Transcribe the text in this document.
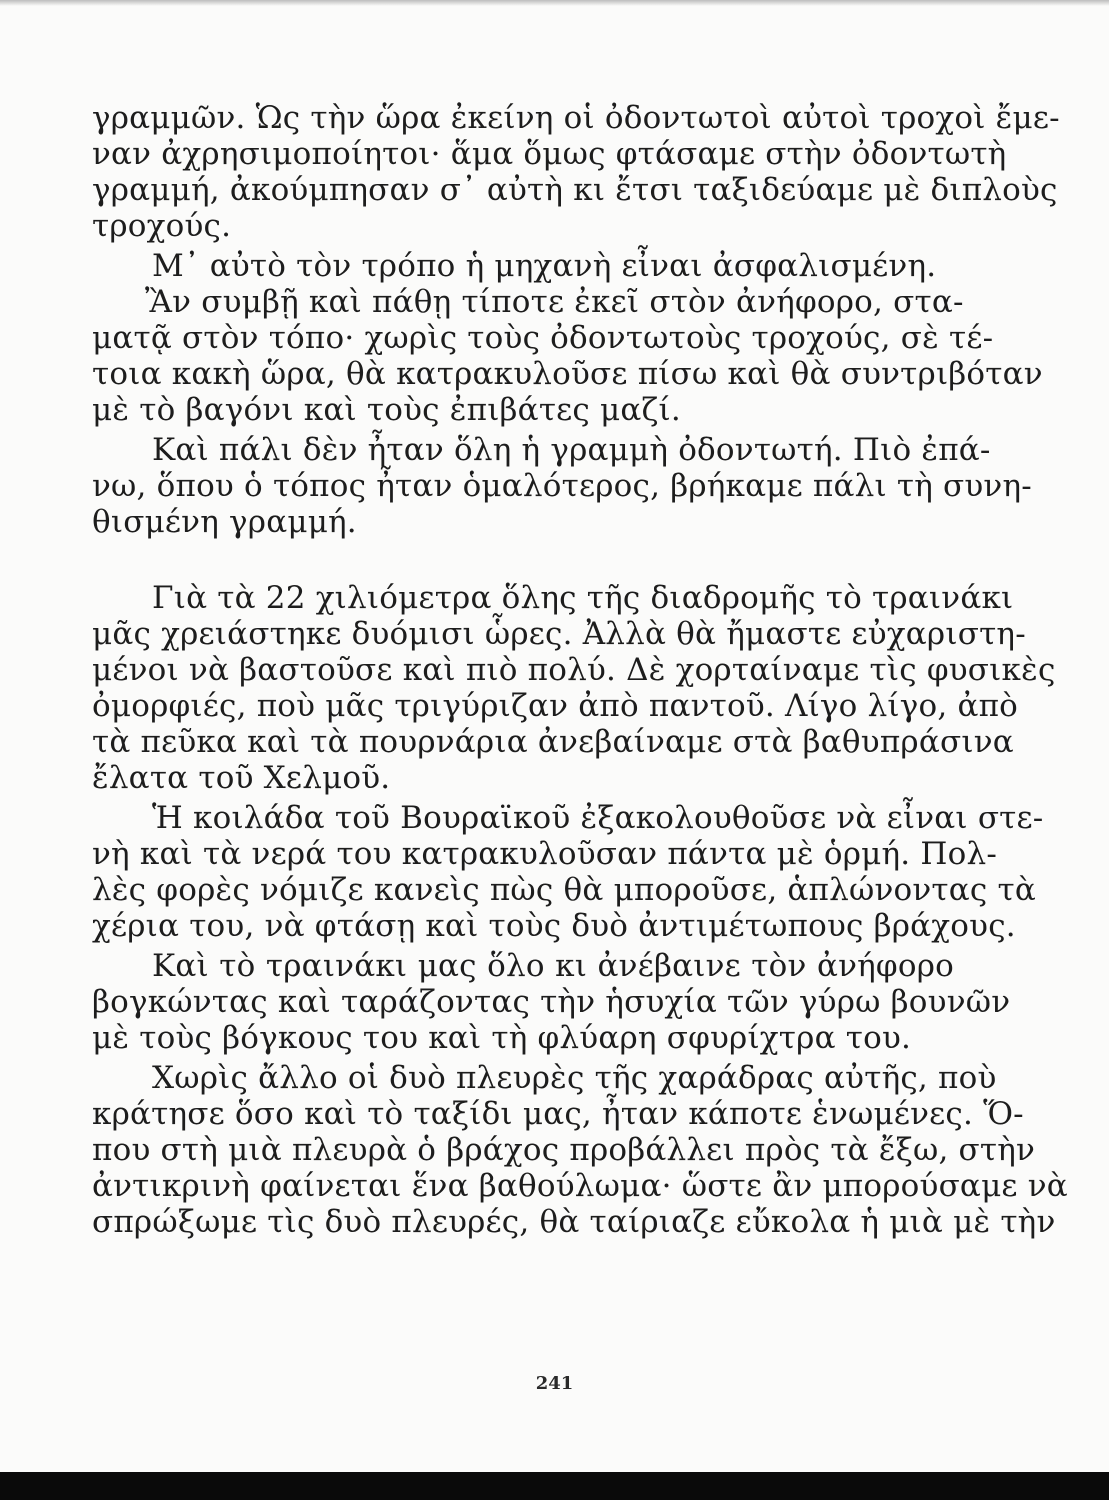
γραμμῶν. Ὡς τὴν ὥρα ἐκείνη οἱ ὀδοντωτοὶ αὐτοὶ τροχοὶ ἔμε-
ναν ἀχρησιμοποίητοι· ἅμα ὅμως φτάσαμε στὴν ὀδοντωτὴ
γραμμή, ἀκούμπησαν σ᾿ αὐτὴ κι ἔτσι ταξιδεύαμε μὲ διπλοὺς
τροχούς.
Μ᾿ αὐτὸ τὸν τρόπο ἡ μηχανὴ εἶναι ἀσφαλισμένη.
Ἂν συμβῇ καὶ πάθῃ τίποτε ἐκεῖ στὸν ἀνήφορο, στα-
ματᾷ στὸν τόπο· χωρὶς τοὺς ὀδοντωτοὺς τροχούς, σὲ τέ-
τοια κακὴ ὥρα, θὰ κατρακυλοῦσε πίσω καὶ θὰ συντριβόταν
μὲ τὸ βαγόνι καὶ τοὺς ἐπιβάτες μαζί.
Καὶ πάλι δὲν ἦταν ὅλη ἡ γραμμὴ ὀδοντωτή. Πιὸ ἐπά-
νω, ὅπου ὁ τόπος ἦταν ὁμαλότερος, βρήκαμε πάλι τὴ συνη-
θισμένη γραμμή.
Γιὰ τὰ 22 χιλιόμετρα ὅλης τῆς διαδρομῆς τὸ τραινάκι
μᾶς χρειάστηκε δυόμισι ὧρες. Ἀλλὰ θὰ ἤμαστε εὐχαριστη-
μένοι νὰ βαστοῦσε καὶ πιὸ πολύ. Δὲ χορταίναμε τὶς φυσικὲς
ὀμορφιές, ποὺ μᾶς τριγύριζαν ἀπὸ παντοῦ. Λίγο λίγο, ἀπὸ
τὰ πεῦκα καὶ τὰ πουρνάρια ἀνεβαίναμε στὰ βαθυπράσινα
ἔλατα τοῦ Χελμοῦ.
Ἡ κοιλάδα τοῦ Βουραϊκοῦ ἐξακολουθοῦσε νὰ εἶναι στε-
νὴ καὶ τὰ νερά του κατρακυλοῦσαν πάντα μὲ ὁρμή. Πολ-
λὲς φορὲς νόμιζε κανεὶς πὼς θὰ μποροῦσε, ἁπλώνοντας τὰ
χέρια του, νὰ φτάσῃ καὶ τοὺς δυὸ ἀντιμέτωπους βράχους.
Καὶ τὸ τραινάκι μας ὅλο κι ἀνέβαινε τὸν ἀνήφορο
βογκώντας καὶ ταράζοντας τὴν ἡσυχία τῶν γύρω βουνῶν
μὲ τοὺς βόγκους του καὶ τὴ φλύαρη σφυρίχτρα του.
Χωρὶς ἄλλο οἱ δυὸ πλευρὲς τῆς χαράδρας αὐτῆς, ποὺ
κράτησε ὅσο καὶ τὸ ταξίδι μας, ἦταν κάποτε ἑνωμένες. Ὅ-
που στὴ μιὰ πλευρὰ ὁ βράχος προβάλλει πρὸς τὰ ἔξω, στὴν
ἀντικρινὴ φαίνεται ἕνα βαθούλωμα· ὥστε ἂν μπορούσαμε νὰ
σπρώξωμε τὶς δυὸ πλευρές, θὰ ταίριαζε εὔκολα ἡ μιὰ μὲ τὴν
241
